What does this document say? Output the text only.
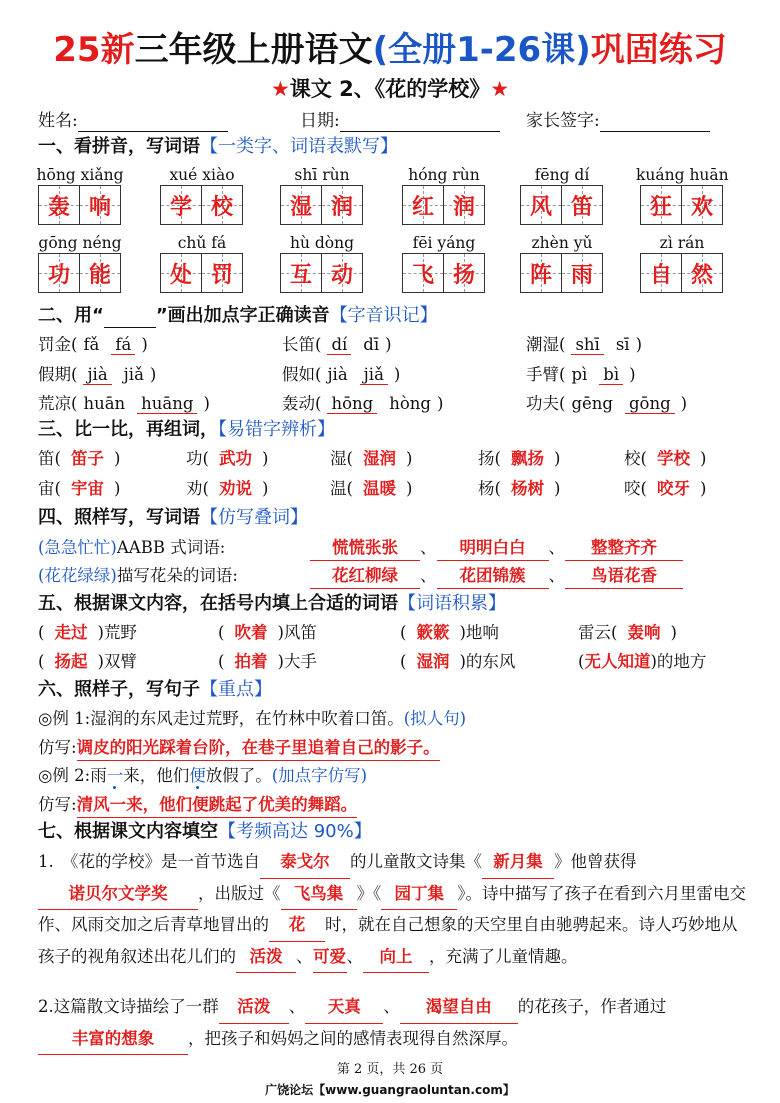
25新三年级上册语文(全册1-26课)巩固练习
★课文 2、《花的学校》★
姓名:	日期:	家长签字:
一、看拼音，写词语【一类字、词语表默写】
hōng xiǎng
轰 响
xué xiào
学 校
shī rùn
湿 润
hóng rùn
红 润
fēng dí
风 笛
kuáng huān
狂 欢
gōng néng
功 能
chǔ fá
处 罚
hù dòng
互 动
fēi yáng
飞 扬
zhèn yǔ
阵 雨
zì rán
自 然
二、用“	”画出加点字正确读音【字音识记】
罚金( fǎ fá )	长笛( dí dī )	潮湿( shī sī )
假期( jià jiǎ )	假如( jià jiǎ )	手臂( pì bì )
荒凉( huān huāng )	轰动( hōng hòng )	功夫( gēng gōng )
三、比一比，再组词，【易错字辨析】
笛( 笛子 )	功( 武功 )	湿( 湿润 )	扬( 飘扬 )	校( 学校 )
宙( 宇宙 )	劝( 劝说 )	温( 温暖 )	杨( 杨树 )	咬( 咬牙 )
四、照样写，写词语【仿写叠词】
(急急忙忙)AABB 式词语:	慌慌张张 、 明明白白 、 整整齐齐
(花花绿绿)描写花朵的词语:	花红柳绿 、 花团锦簇 、 鸟语花香
五、根据课文内容，在括号内填上合适的词语【词语积累】
( 走过 )荒野	( 吹着 )风笛	( 簌簌 )地响	雷云( 轰响 )
( 扬起 )双臂	( 拍着 )大手	( 湿润 )的东风	(无人知道)的地方
六、照样子，写句子【重点】
◎例 1:湿润的东风走过荒野，在竹林中吹着口笛。(拟人句)
仿写:调皮的阳光踩着台阶，在巷子里追着自己的影子。
◎例 2:雨一来，他们便放假了。(加点字仿写)
仿写:清风一来，他们便跳起了优美的舞蹈。
七、根据课文内容填空【考频高达 90%】
1.　《花的学校》是一首节选自 泰戈尔 的儿童散文诗集《 新月集 》他曾获得诺贝尔文学奖 ，出版过《 飞鸟集 》《 园丁集 》。诗中描写了孩子在看到六月里雷电交作、风雨交加之后青草地冒出的 花 时，就在自己想象的天空里自由驰骋起来。诗人巧妙地从孩子的视角叙述出花儿们的 活泼 、可爱、 向上 ，充满了儿童情趣。
2.这篇散文诗描绘了一群 活泼 、 天真 、 渴望自由 的花孩子，作者通过丰富的想象 ，把孩子和妈妈之间的感情表现得自然深厚。
第 2 页，共 26 页
广饶论坛【www.guangraoluntan.com】
